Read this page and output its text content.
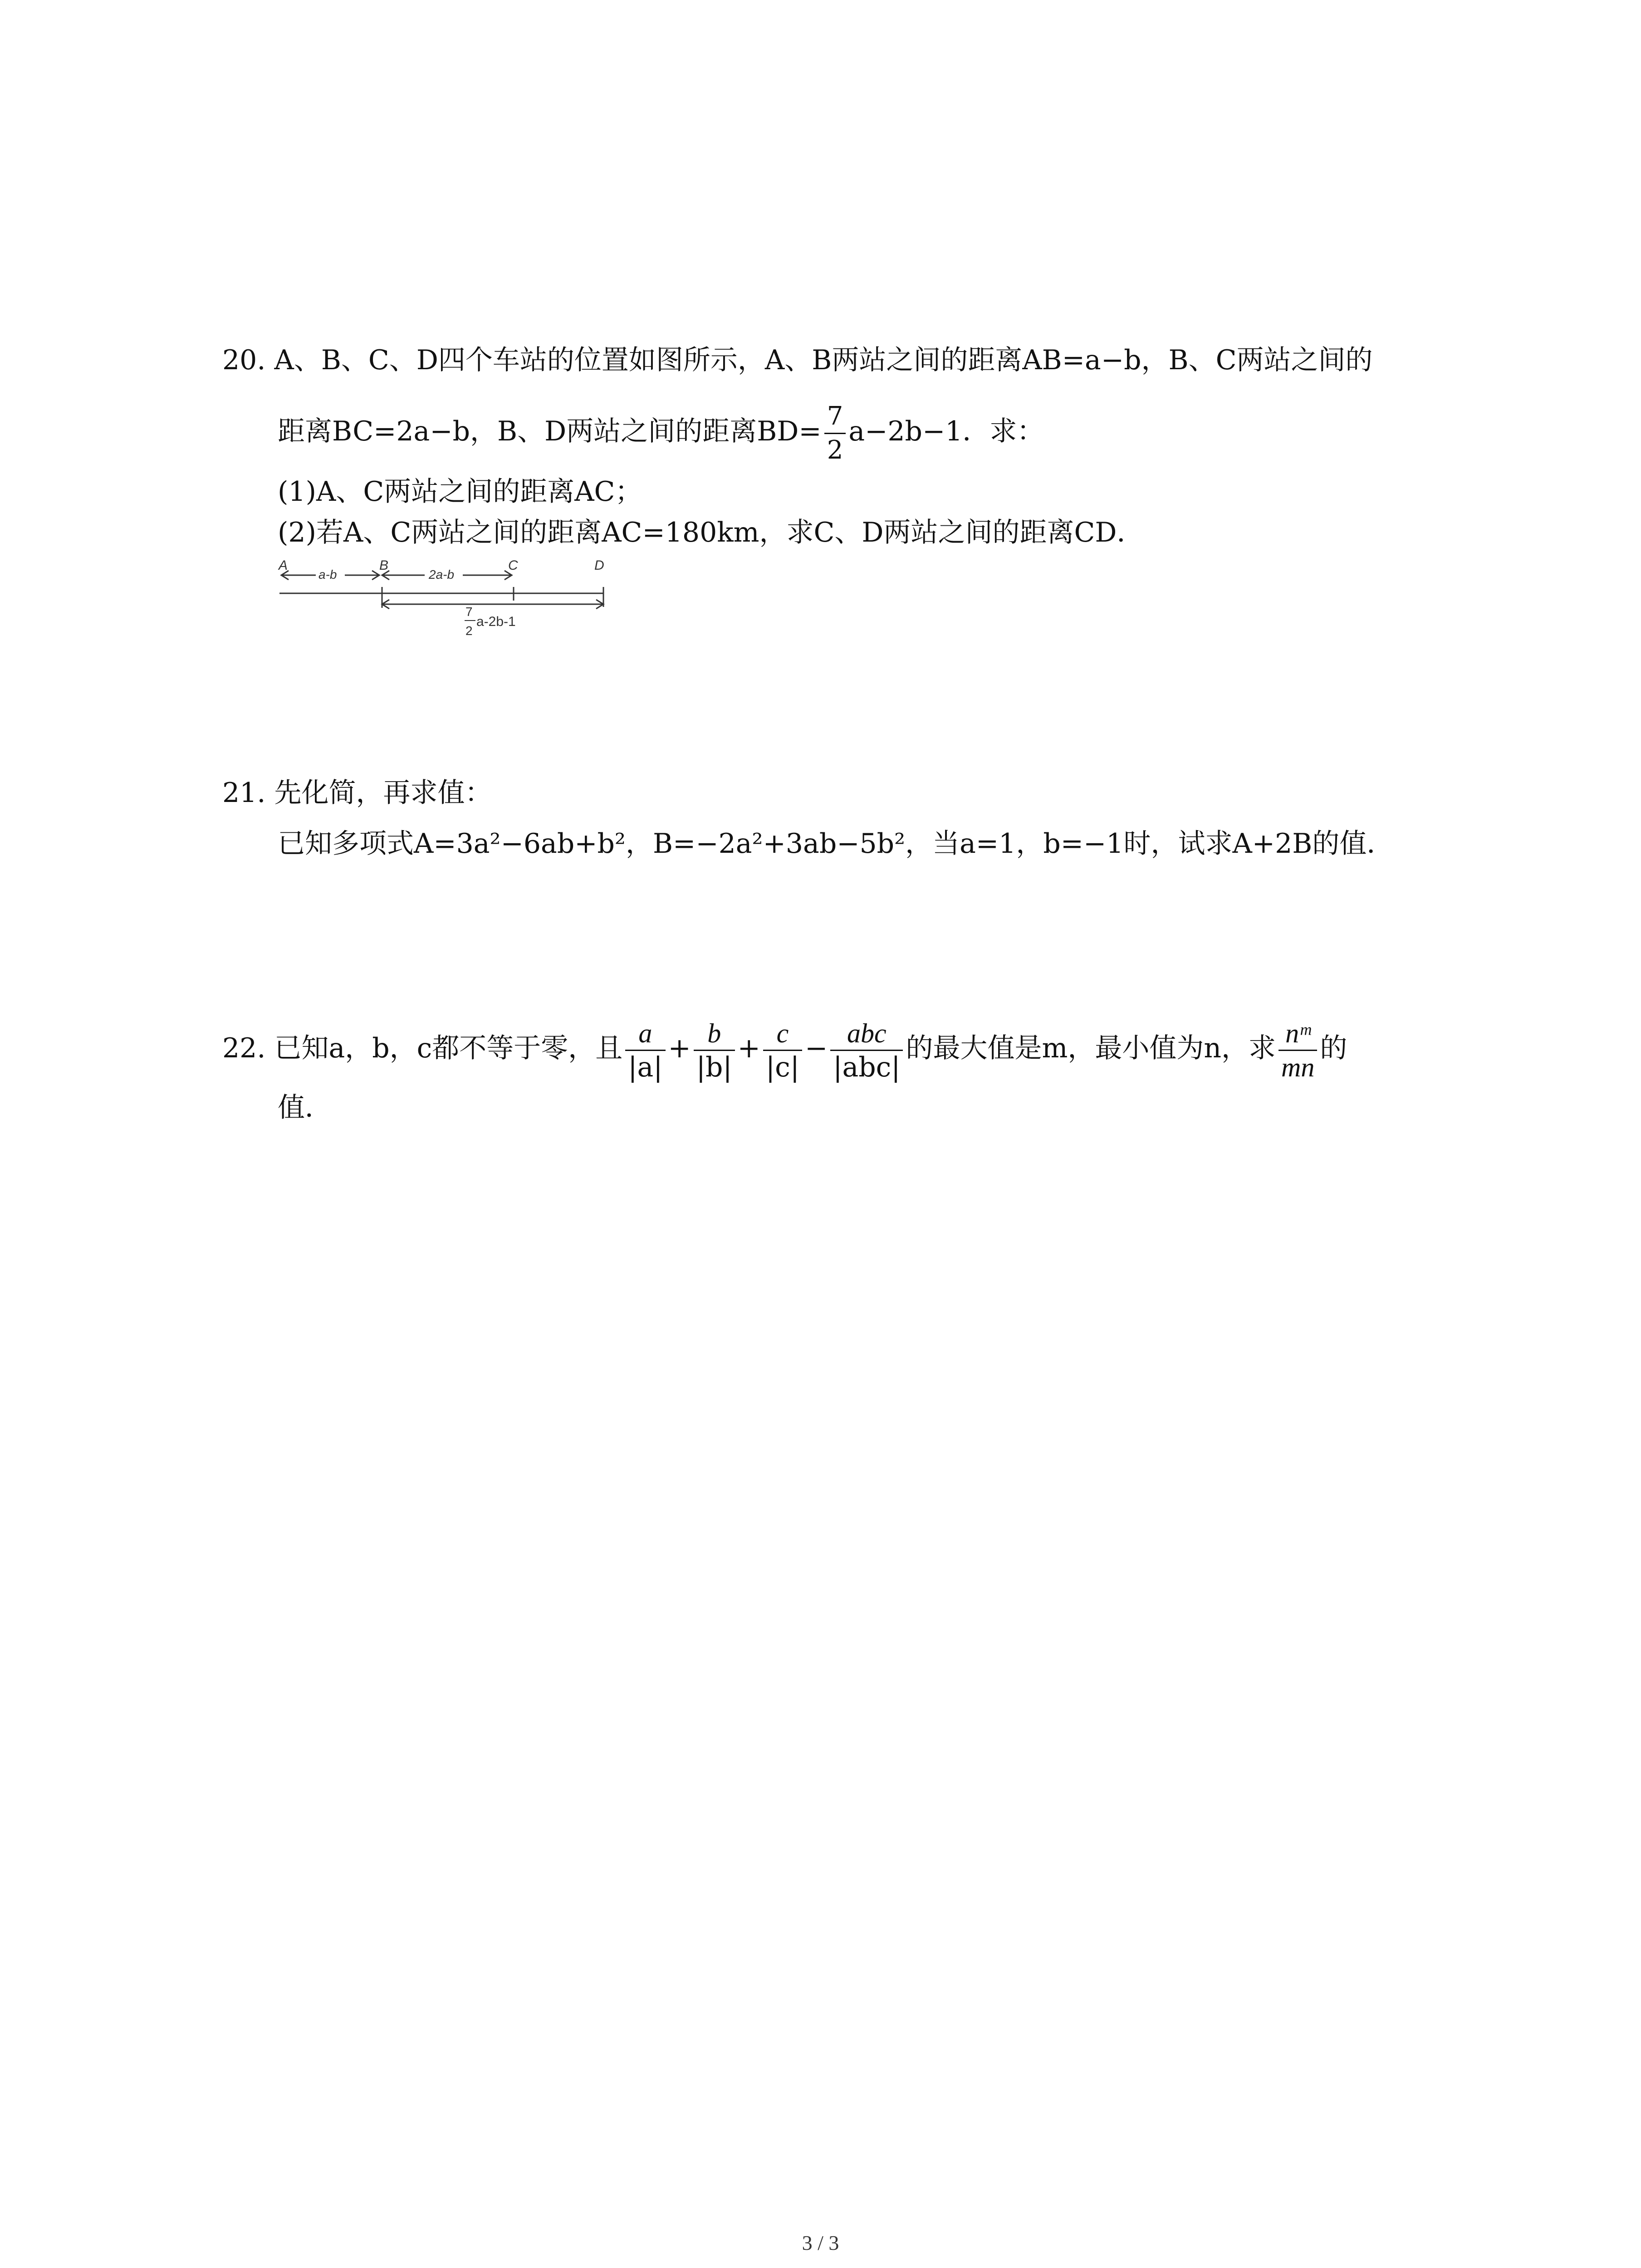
20. A、B、C、D四个车站的位置如图所示，A、B两站之间的距离AB=a−b，B、C两站之间的
距离BC=2a−b，B、D两站之间的距离$BD= \frac{7}{2} a-2b-1$．求：
(1)A、C两站之间的距离AC；
(2)若A、C两站之间的距离AC=180km，求C、D两站之间的距离CD．
A	B	C	D
a-b	2a-b
7
2
a-2b-1
21. 先化简，再求值：
已知多项式A=3a²−6ab+b²，B=−2a²+3ab−5b²，当a=1，b=−1时，试求A+2B的值．
22. 已知a，b，c都不等于零，且 $\frac{a}{|a|} + \frac{b}{|b|} + \frac{c}{|c|} - \frac{\text{abc}}{\text{|abc|}}$ 的最大值是m，最小值为n，求 $\frac{\text{nᵐ}}{mn}$ 的
值．
3 / 3
